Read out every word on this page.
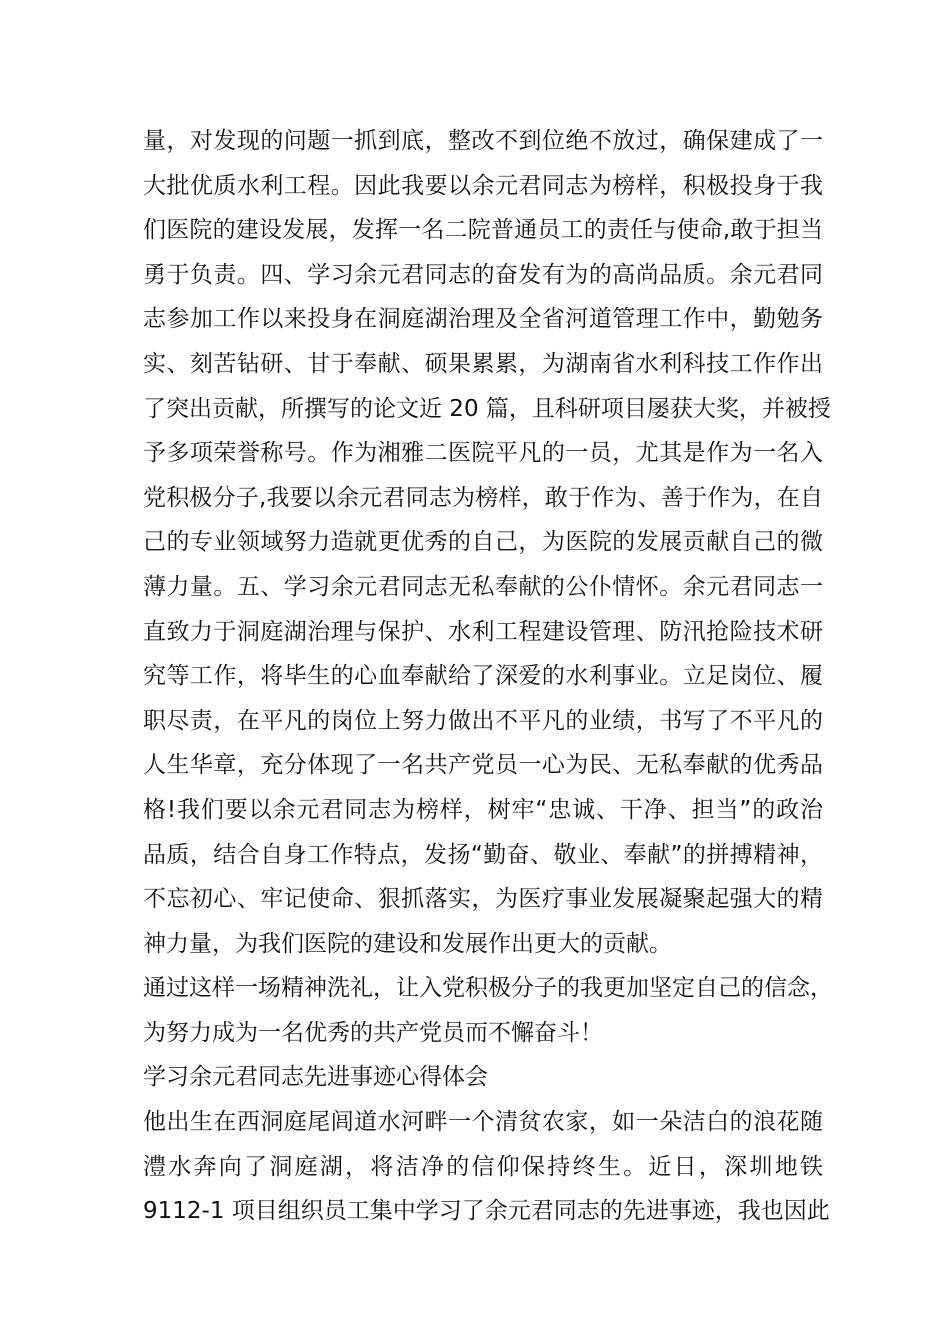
量，对发现的问题一抓到底，整改不到位绝不放过，确保建成了一
大批优质水利工程。因此我要以余元君同志为榜样，积极投身于我
们医院的建设发展，发挥一名二院普通员工的责任与使命,敢于担当
勇于负责。四、学习余元君同志的奋发有为的高尚品质。余元君同
志参加工作以来投身在洞庭湖治理及全省河道管理工作中，勤勉务
实、刻苦钻研、甘于奉献、硕果累累，为湖南省水利科技工作作出
了突出贡献，所撰写的论文近 20 篇，且科研项目屡获大奖，并被授
予多项荣誉称号。作为湘雅二医院平凡的一员，尤其是作为一名入
党积极分子,我要以余元君同志为榜样，敢于作为、善于作为，在自
己的专业领域努力造就更优秀的自己，为医院的发展贡献自己的微
薄力量。五、学习余元君同志无私奉献的公仆情怀。余元君同志一
直致力于洞庭湖治理与保护、水利工程建设管理、防汛抢险技术研
究等工作，将毕生的心血奉献给了深爱的水利事业。立足岗位、履
职尽责，在平凡的岗位上努力做出不平凡的业绩，书写了不平凡的
人生华章，充分体现了一名共产党员一心为民、无私奉献的优秀品
格!我们要以余元君同志为榜样，树牢“忠诚、干净、担当”的政治
品质，结合自身工作特点，发扬“勤奋、敬业、奉献”的拼搏精神，
不忘初心、牢记使命、狠抓落实，为医疗事业发展凝聚起强大的精
神力量，为我们医院的建设和发展作出更大的贡献。
通过这样一场精神洗礼，让入党积极分子的我更加坚定自己的信念，
为努力成为一名优秀的共产党员而不懈奋斗！
学习余元君同志先进事迹心得体会
他出生在西洞庭尾闾道水河畔一个清贫农家，如一朵洁白的浪花随
澧水奔向了洞庭湖，将洁净的信仰保持终生。近日，深圳地铁
9112-1 项目组织员工集中学习了余元君同志的先进事迹，我也因此
